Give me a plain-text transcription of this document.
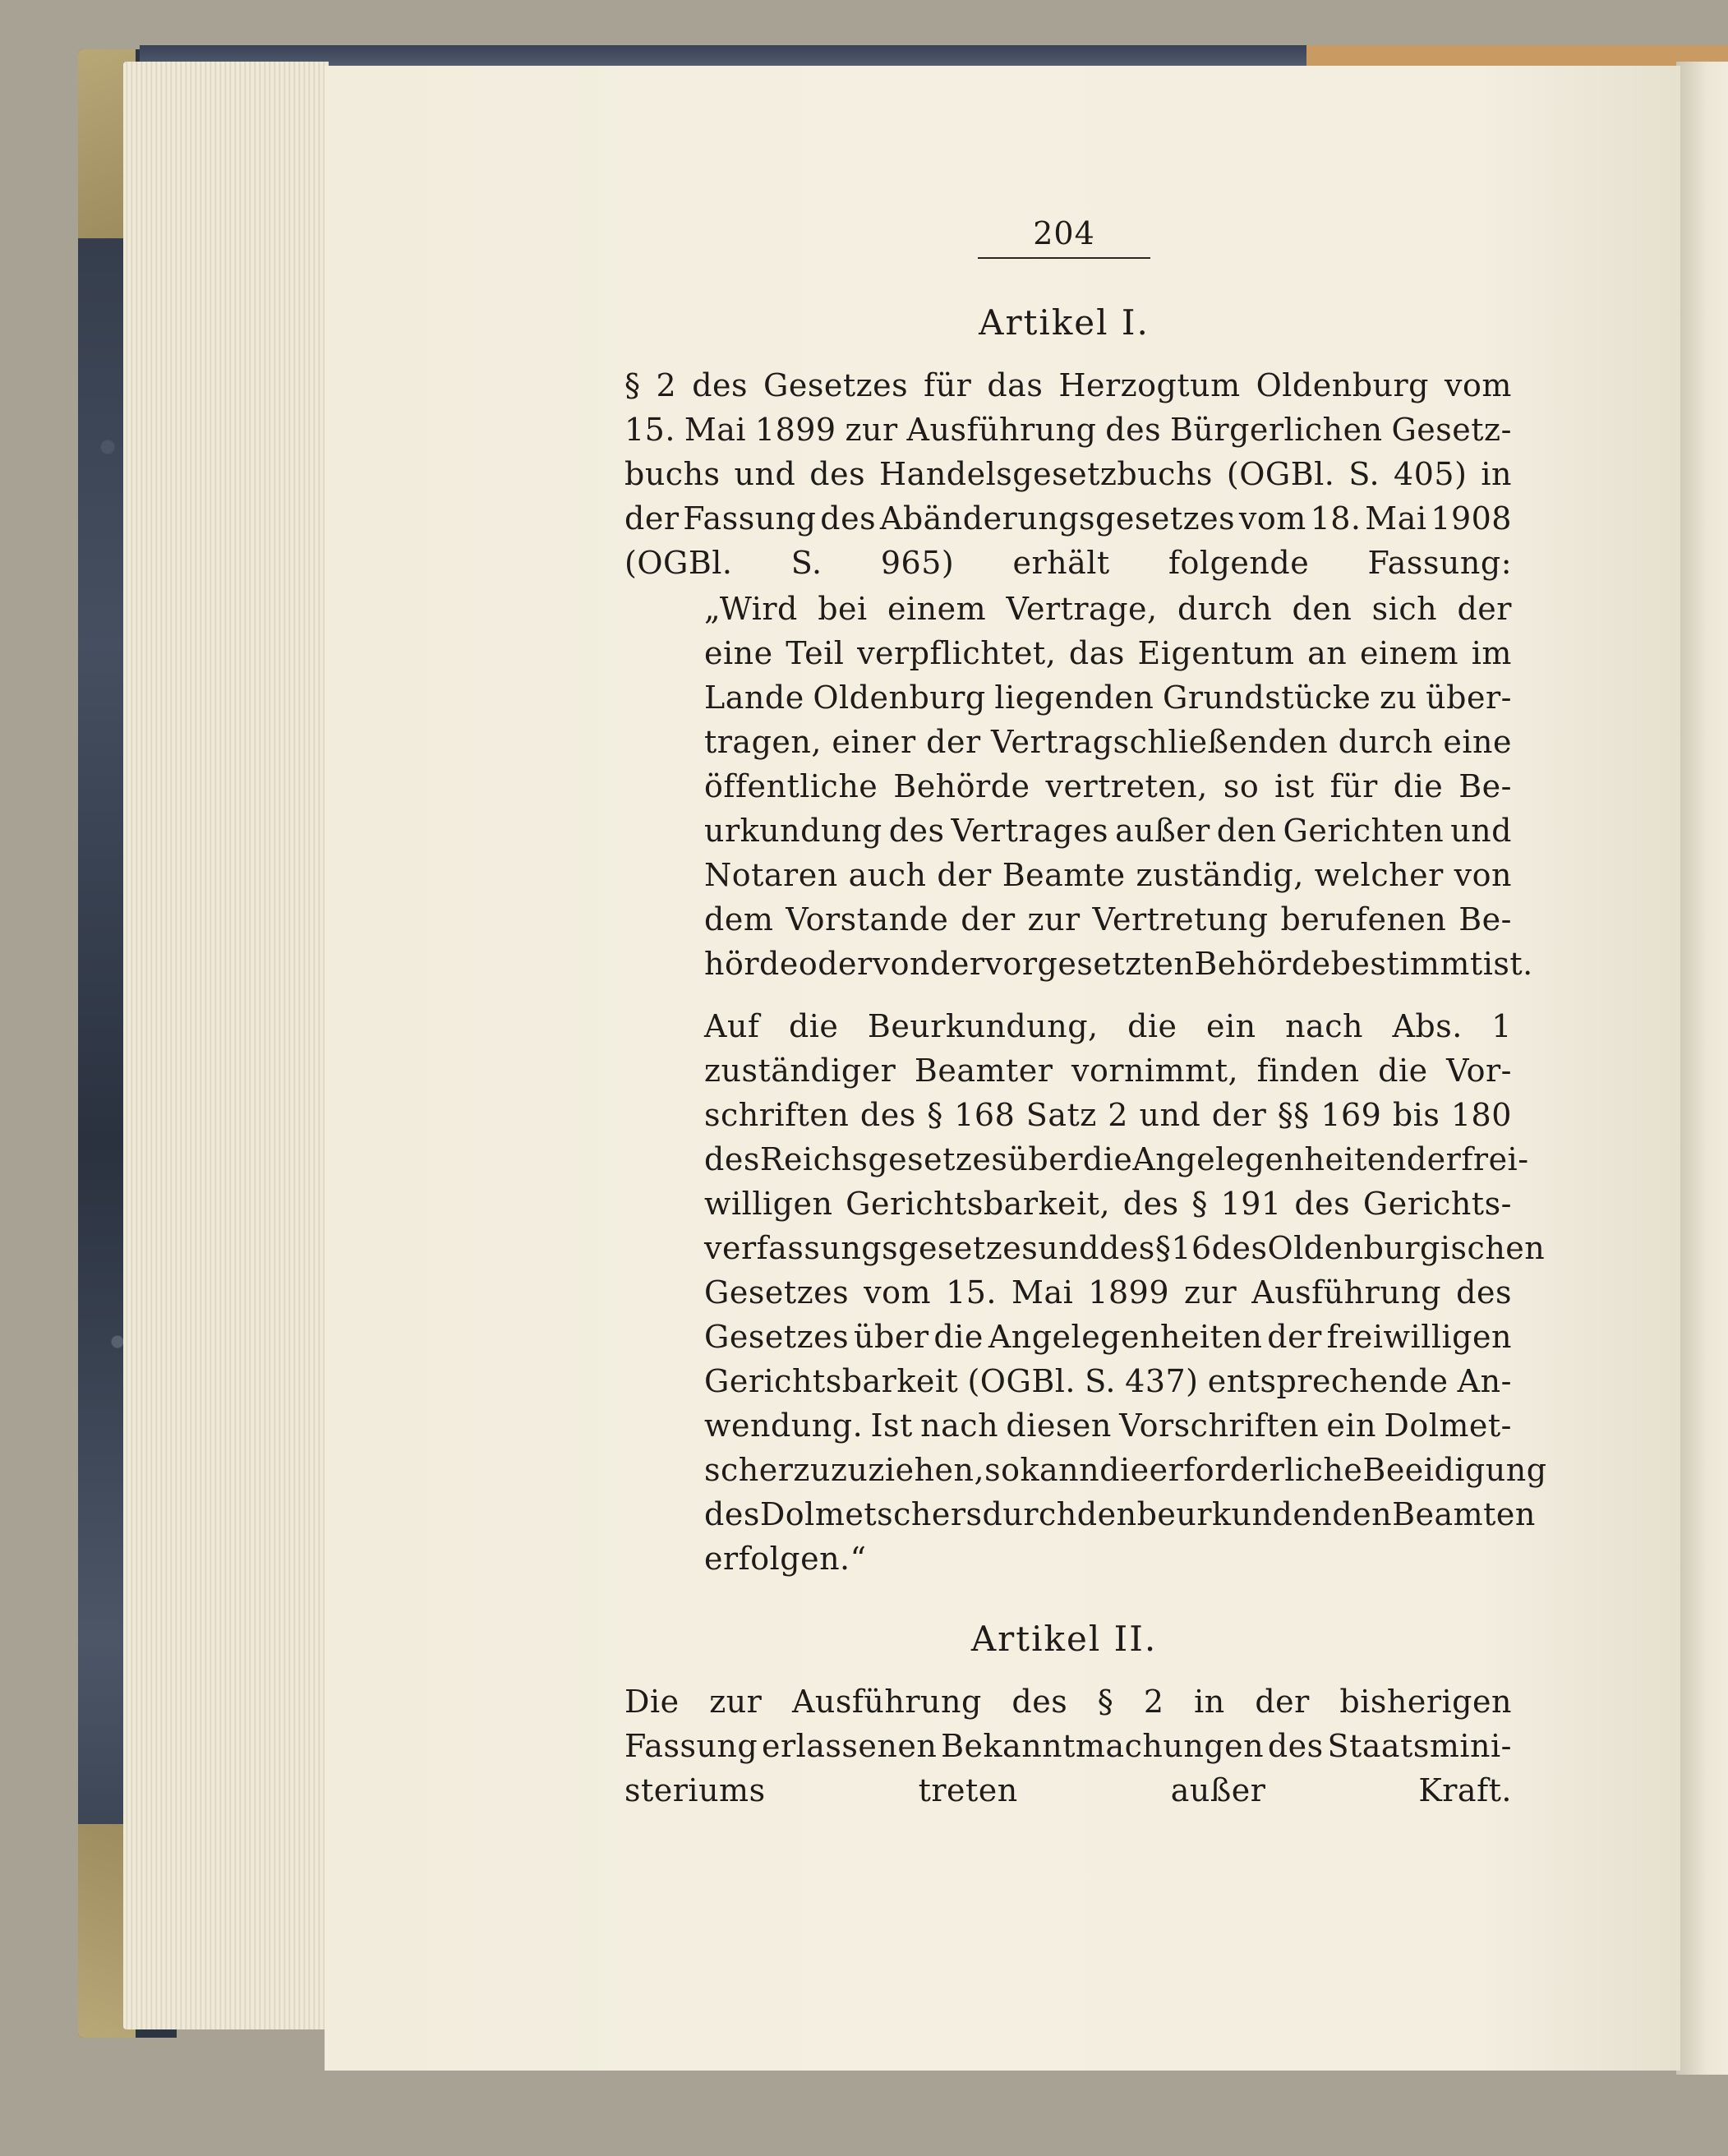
204
Artikel I.
§ 2 des Gesetzes für das Herzogtum Oldenburg vom
15. Mai 1899 zur Ausführung des Bürgerlichen Gesetz-
buchs und des Handelsgesetzbuchs (OGBl. S. 405) in
der Fassung des Abänderungsgesetzes vom 18. Mai 1908
(OGBl. S. 965) erhält folgende Fassung:
„Wird bei einem Vertrage, durch den sich der
eine Teil verpflichtet, das Eigentum an einem im
Lande Oldenburg liegenden Grundstücke zu über-
tragen, einer der Vertragschließenden durch eine
öffentliche Behörde vertreten, so ist für die Be-
urkundung des Vertrages außer den Gerichten und
Notaren auch der Beamte zuständig, welcher von
dem Vorstande der zur Vertretung berufenen Be-
hörde oder von der vorgesetzten Behörde bestimmt ist.
Auf die Beurkundung, die ein nach Abs. 1
zuständiger Beamter vornimmt, finden die Vor-
schriften des § 168 Satz 2 und der §§ 169 bis 180
des Reichsgesetzes über die Angelegenheiten der frei-
willigen Gerichtsbarkeit, des § 191 des Gerichts-
verfassungsgesetzes und des § 16 des Oldenburgischen
Gesetzes vom 15. Mai 1899 zur Ausführung des
Gesetzes über die Angelegenheiten der freiwilligen
Gerichtsbarkeit (OGBl. S. 437) entsprechende An-
wendung. Ist nach diesen Vorschriften ein Dolmet-
scher zuzuziehen, so kann die erforderliche Beeidigung
des Dolmetschers durch den beurkundenden Beamten
erfolgen.“
Artikel II.
Die zur Ausführung des § 2 in der bisherigen
Fassung erlassenen Bekanntmachungen des Staatsmini-
steriums treten außer Kraft.
